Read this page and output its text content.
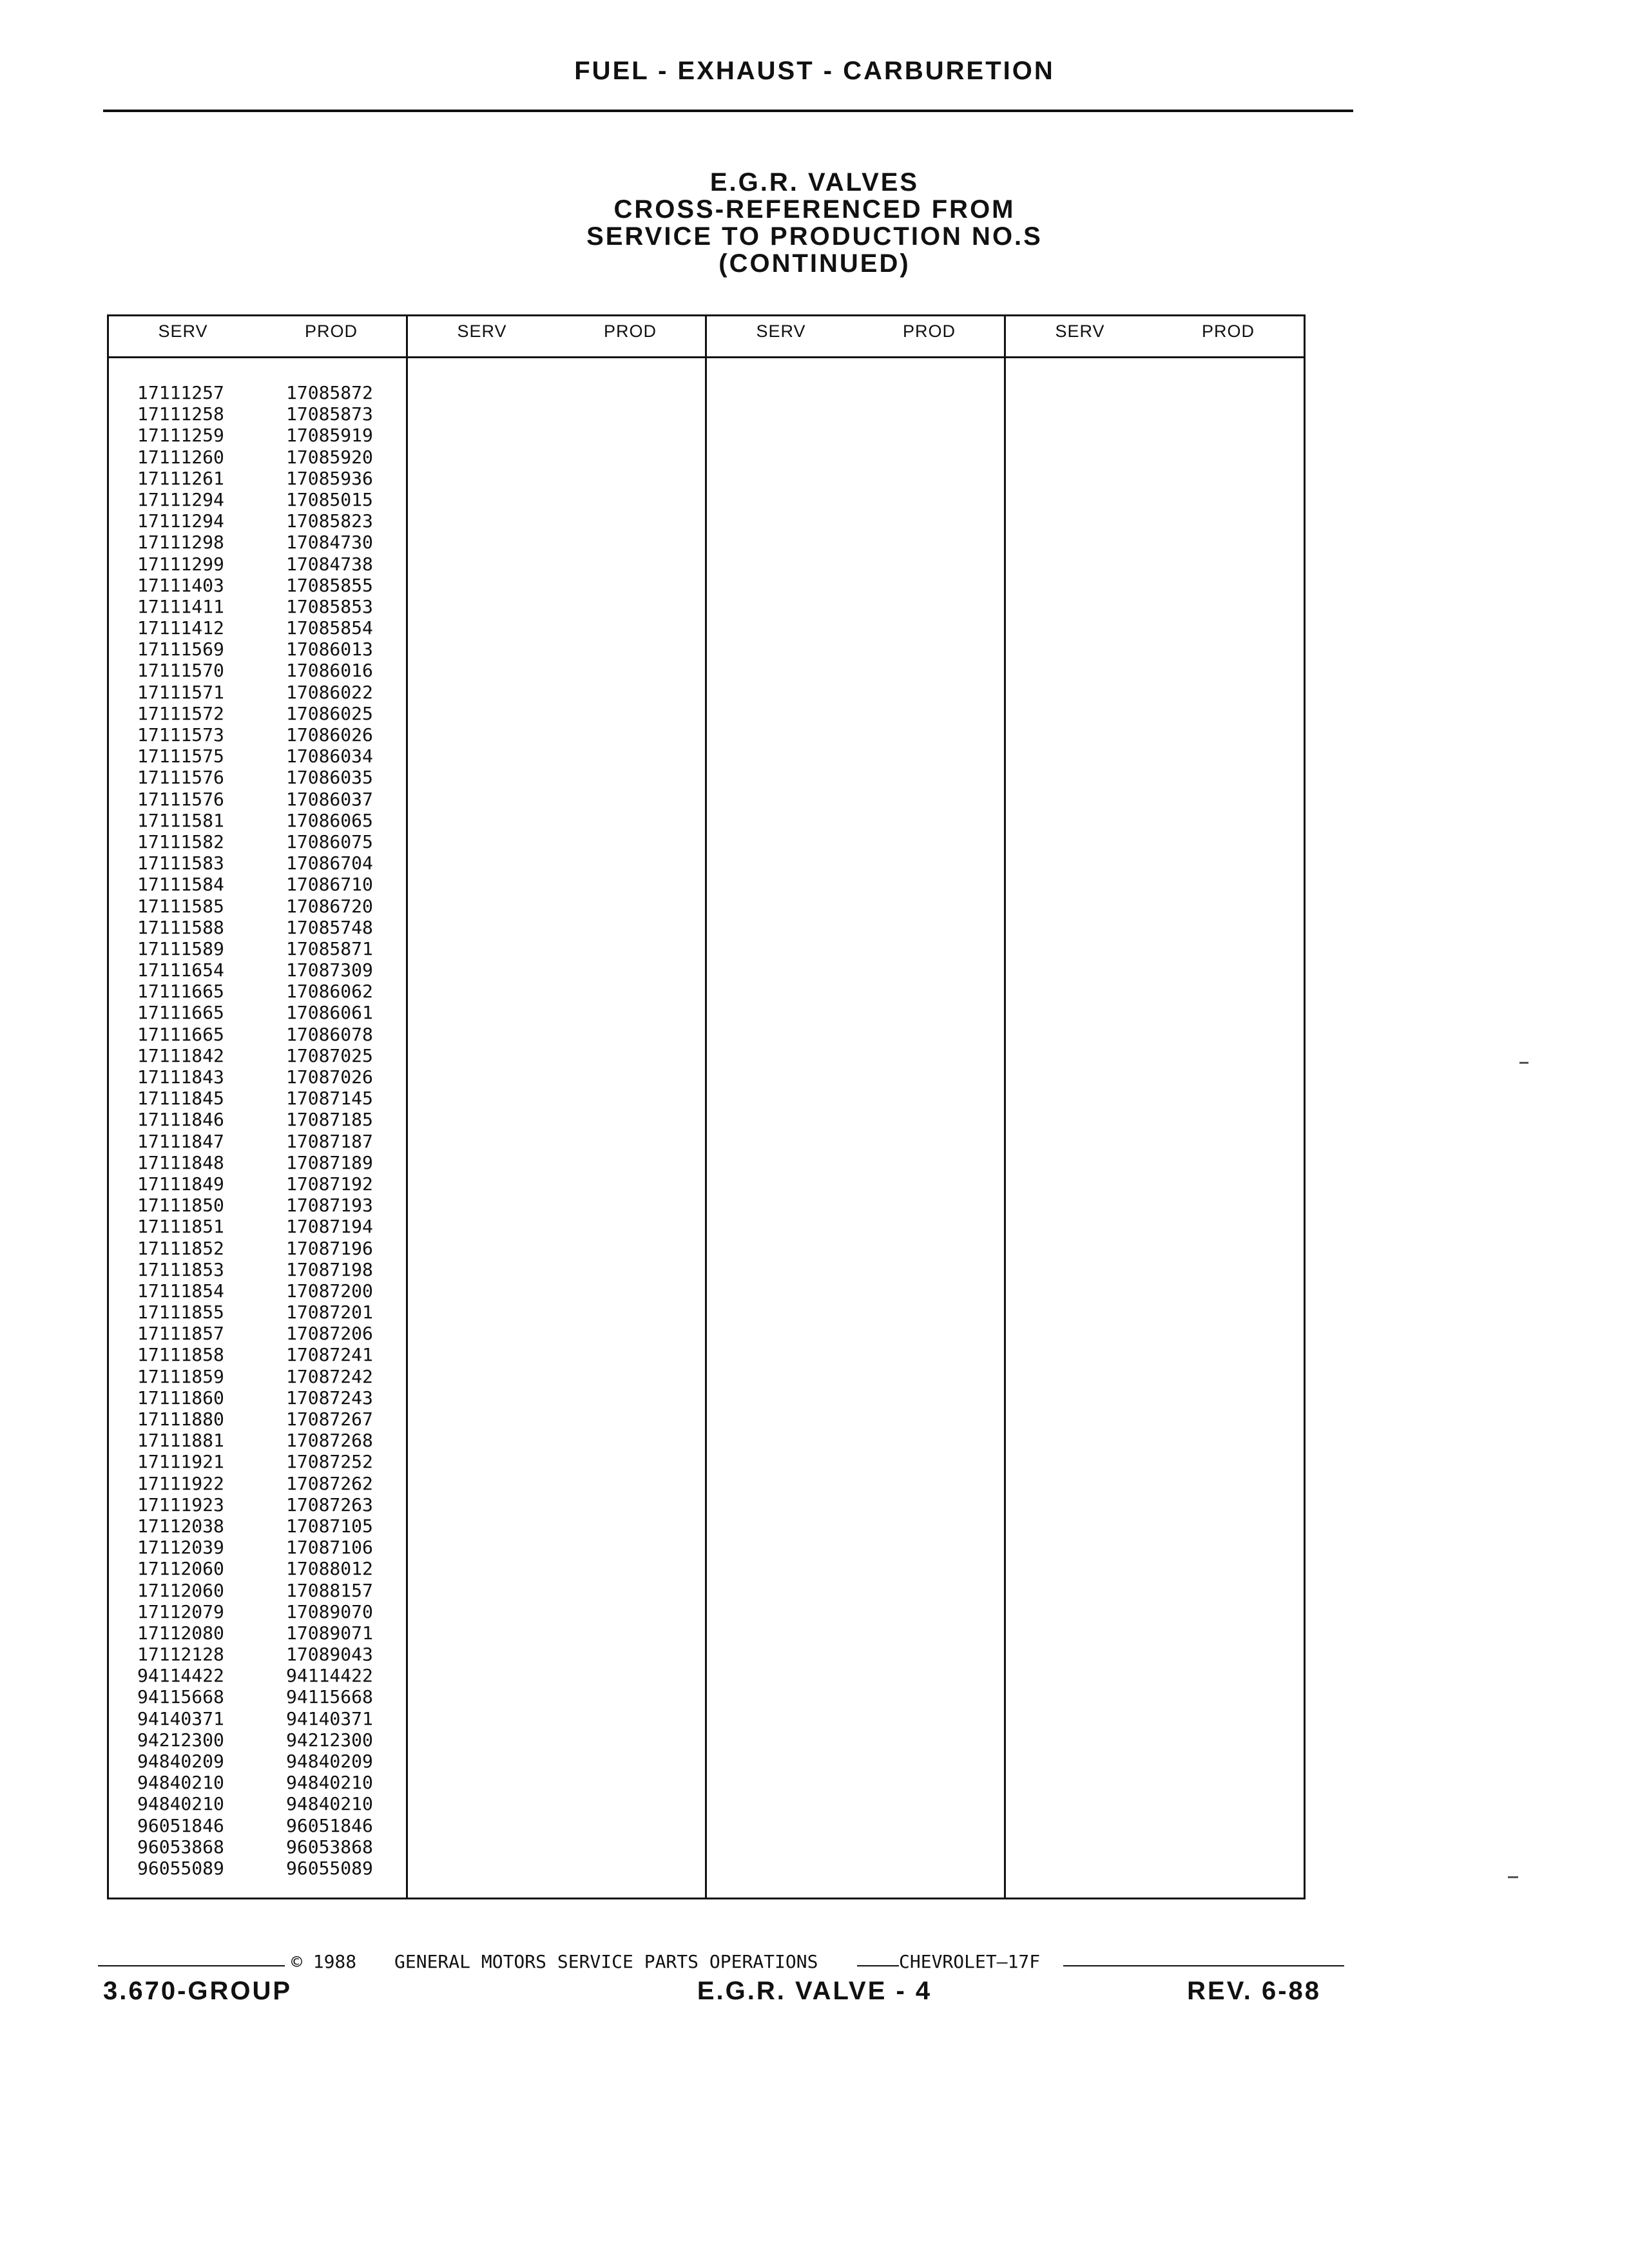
FUEL - EXHAUST - CARBURETION
E.G.R. VALVES
CROSS-REFERENCED FROM
SERVICE TO PRODUCTION NO.S
(CONTINUED)
SERV	PROD	SERV	PROD	SERV	PROD	SERV	PROD
17111257	17085872
17111258	17085873
17111259	17085919
17111260	17085920
17111261	17085936
17111294	17085015
17111294	17085823
17111298	17084730
17111299	17084738
17111403	17085855
17111411	17085853
17111412	17085854
17111569	17086013
17111570	17086016
17111571	17086022
17111572	17086025
17111573	17086026
17111575	17086034
17111576	17086035
17111576	17086037
17111581	17086065
17111582	17086075
17111583	17086704
17111584	17086710
17111585	17086720
17111588	17085748
17111589	17085871
17111654	17087309
17111665	17086062
17111665	17086061
17111665	17086078
17111842	17087025
17111843	17087026
17111845	17087145
17111846	17087185
17111847	17087187
17111848	17087189
17111849	17087192
17111850	17087193
17111851	17087194
17111852	17087196
17111853	17087198
17111854	17087200
17111855	17087201
17111857	17087206
17111858	17087241
17111859	17087242
17111860	17087243
17111880	17087267
17111881	17087268
17111921	17087252
17111922	17087262
17111923	17087263
17112038	17087105
17112039	17087106
17112060	17088012
17112060	17088157
17112079	17089070
17112080	17089071
17112128	17089043
94114422	94114422
94115668	94115668
94140371	94140371
94212300	94212300
94840209	94840209
94840210	94840210
94840210	94840210
96051846	96051846
96053868	96053868
96055089	96055089
© 1988 GENERAL MOTORS SERVICE PARTS OPERATIONS	CHEVROLET—17F
3.670-GROUP	E.G.R. VALVE - 4	REV. 6-88
